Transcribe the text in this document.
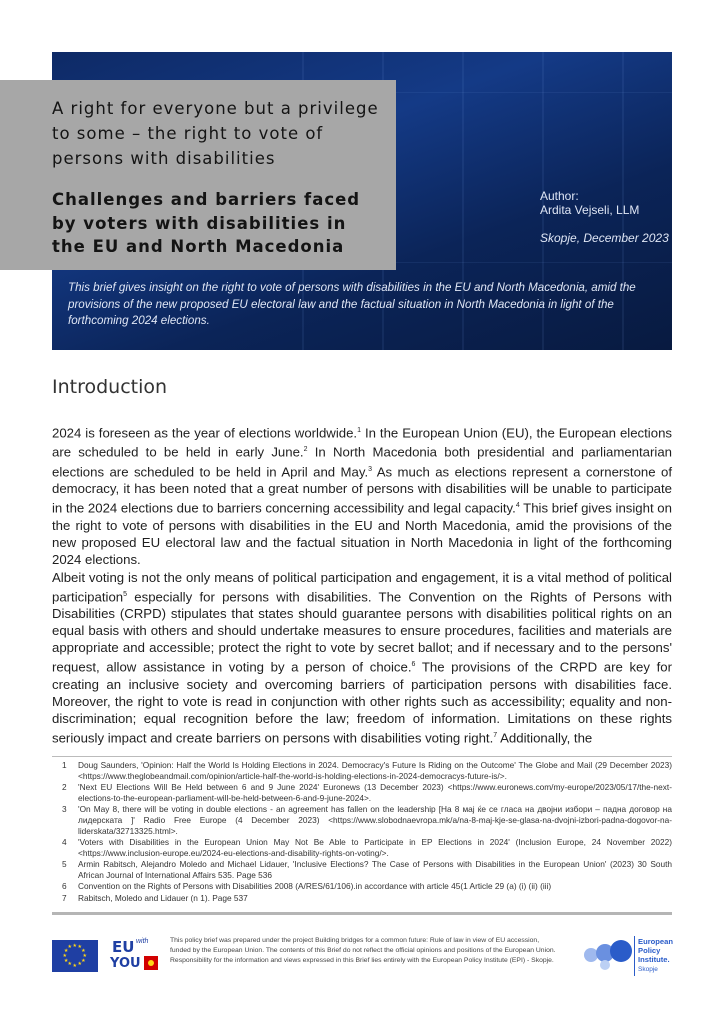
This brief gives insight on the right to vote of persons with disabilities in the EU and North Macedonia, amid the provisions of the new proposed EU electoral law and the factual situation in North Macedonia in light of the forthcoming 2024 elections.

Author:

Ardita Vejseli, LLM

Skopje, December 2023

A right for everyone but a privilege to some – the right to vote of persons with disabilities
Challenges and barriers faced by voters with disabilities in the EU and North Macedonia
Introduction

2024 is foreseen as the year of elections worldwide.$^1$ In the European Union (EU), the European elections are scheduled to be held in early June.$^2$ In North Macedonia both presidential and parliamentarian elections are scheduled to be held in April and May.$^3$ As much as elections represent a cornerstone of democracy, it has been noted that a great number of persons with disabilities will be unable to participate in the 2024 elections due to barriers concerning accessibility and legal capacity.$^4$ This brief gives insight on the right to vote of persons with disabilities in the EU and North Macedonia, amid the provisions of the new proposed EU electoral law and the factual situation in North Macedonia in light of the forthcoming 2024 elections.

Albeit voting is not the only means of political participation and engagement, it is a vital method of political participation$^5$ especially for persons with disabilities. The Convention on the Rights of Persons with Disabilities (CRPD) stipulates that states should guarantee persons with disabilities political rights on an equal basis with others and should undertake measures to ensure procedures, facilities and materials are appropriate and accessible; protect the right to vote by secret ballot; and if necessary and to the persons' request, allow assistance in voting by a person of choice.$^6$ The provisions of the CRPD are key for creating an inclusive society and overcoming barriers of participation persons with disabilities face. Moreover, the right to vote is read in conjunction with other rights such as accessibility; equality and non-discrimination; equal recognition before the law; freedom of information. Limitations on these rights seriously impact and create barriers on persons with disabilities voting right.$^7$ Additionally, the

1	Doug Saunders, 'Opinion: Half the World Is Holding Elections in 2024. Democracy's Future Is Riding on the Outcome' The Globe and Mail (29 December 2023) <https://www.theglobeandmail.com/opinion/article-half-the-world-is-holding-elections-in-2024-democracys-future-is/>.
2	'Next EU Elections Will Be Held between 6 and 9 June 2024' Euronews (13 December 2023) <https://www.euronews.com/my-europe/2023/05/17/the-next-elections-to-the-european-parliament-will-be-held-between-6-and-9-june-2024>.
3	'On May 8, there will be voting in double elections - an agreement has fallen on the leadership [На 8 мај ќе се гласа на двојни избори – падна договор на лидерската ]' Radio Free Europe (4 December 2023) <https://www.slobodnaevropa.mk/a/na-8-maj-kje-se-glasa-na-dvojni-izbori-padna-dogovor-na-liderskata/32713325.html>.
4	'Voters with Disabilities in the European Union May Not Be Able to Participate in EP Elections in 2024' (Inclusion Europe, 24 November 2022) <https://www.inclusion-europe.eu/2024-eu-elections-and-disability-rights-on-voting/>.
5	Armin Rabitsch, Alejandro Moledo and Michael Lidauer, 'Inclusive Elections? The Case of Persons with Disabilities in the European Union' (2023) 30 South African Journal of International Affairs 535. Page 536
6	Convention on the Rights of Persons with Disabilities 2008 (A/RES/61/106).in accordance with article 45(1 Article 29 (a) (i) (ii) (iii)
7	Rabitsch, Moledo and Lidauer (n 1). Page 537
★
★
★
★
★
★
★
★
★ ★ ★
★ EU with
YOU

This policy brief was prepared under the project Building bridges for a common future: Rule of law in view of EU accession, funded by the European Union. The contents of this Brief do not reflect the official opinions and positions of the European Union. Responsibility for the information and views expressed in this Brief lies entirely with the European Policy Institute (EPI) - Skopje.

European
Policy
Institute.

Skopje
